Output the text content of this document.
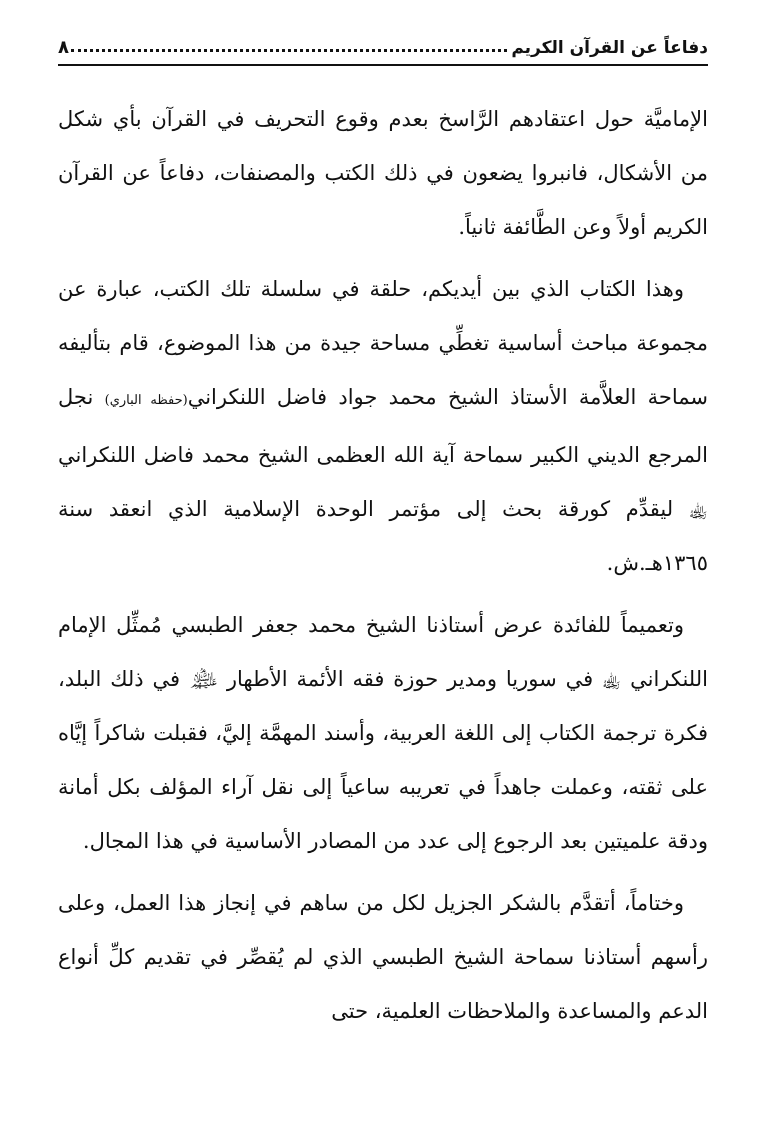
دفاعاً عن القرآن الكريم
٨

الإماميَّة حول اعتقادهم الرَّاسخ بعدم وقوع التحريف في القرآن بأي شكل من الأشكال، فانبروا يضعون في ذلك الكتب والمصنفات، دفاعاً عن القرآن الكريم أولاً وعن الطَّائفة ثانياً.

وهذا الكتاب الذي بين أيديكم، حلقة في سلسلة تلك الكتب، عبارة عن مجموعة مباحث أساسية تغطِّي مساحة جيدة من هذا الموضوع، قام بتأليفه سماحة العلاَّمة الأستاذ الشيخ محمد جواد فاضل اللنكراني(حفظه الباري) نجل المرجع الديني الكبير سماحة آية الله العظمى الشيخ محمد فاضل اللنكراني ﵀ ليقدِّم كورقة بحث إلى مؤتمر الوحدة الإسلامية الذي انعقد سنة ١٣٦٥هـ.ش.

وتعميماً للفائدة عرض أستاذنا الشيخ محمد جعفر الطبسي مُمثِّل الإمام اللنكراني ﵀ في سوريا ومدير حوزة فقه الأئمة الأطهار ﵈ في ذلك البلد، فكرة ترجمة الكتاب إلى اللغة العربية، وأسند المهمَّة إليَّ، فقبلت شاكراً إيَّاه على ثقته، وعملت جاهداً في تعريبه ساعياً إلى نقل آراء المؤلف بكل أمانة ودقة علميتين بعد الرجوع إلى عدد من المصادر الأساسية في هذا المجال.

وختاماً، أتقدَّم بالشكر الجزيل لكل من ساهم في إنجاز هذا العمل، وعلى رأسهم أستاذنا سماحة الشيخ الطبسي الذي لم يُقصِّر في تقديم كلِّ أنواع الدعم والمساعدة والملاحظات العلمية، حتى
